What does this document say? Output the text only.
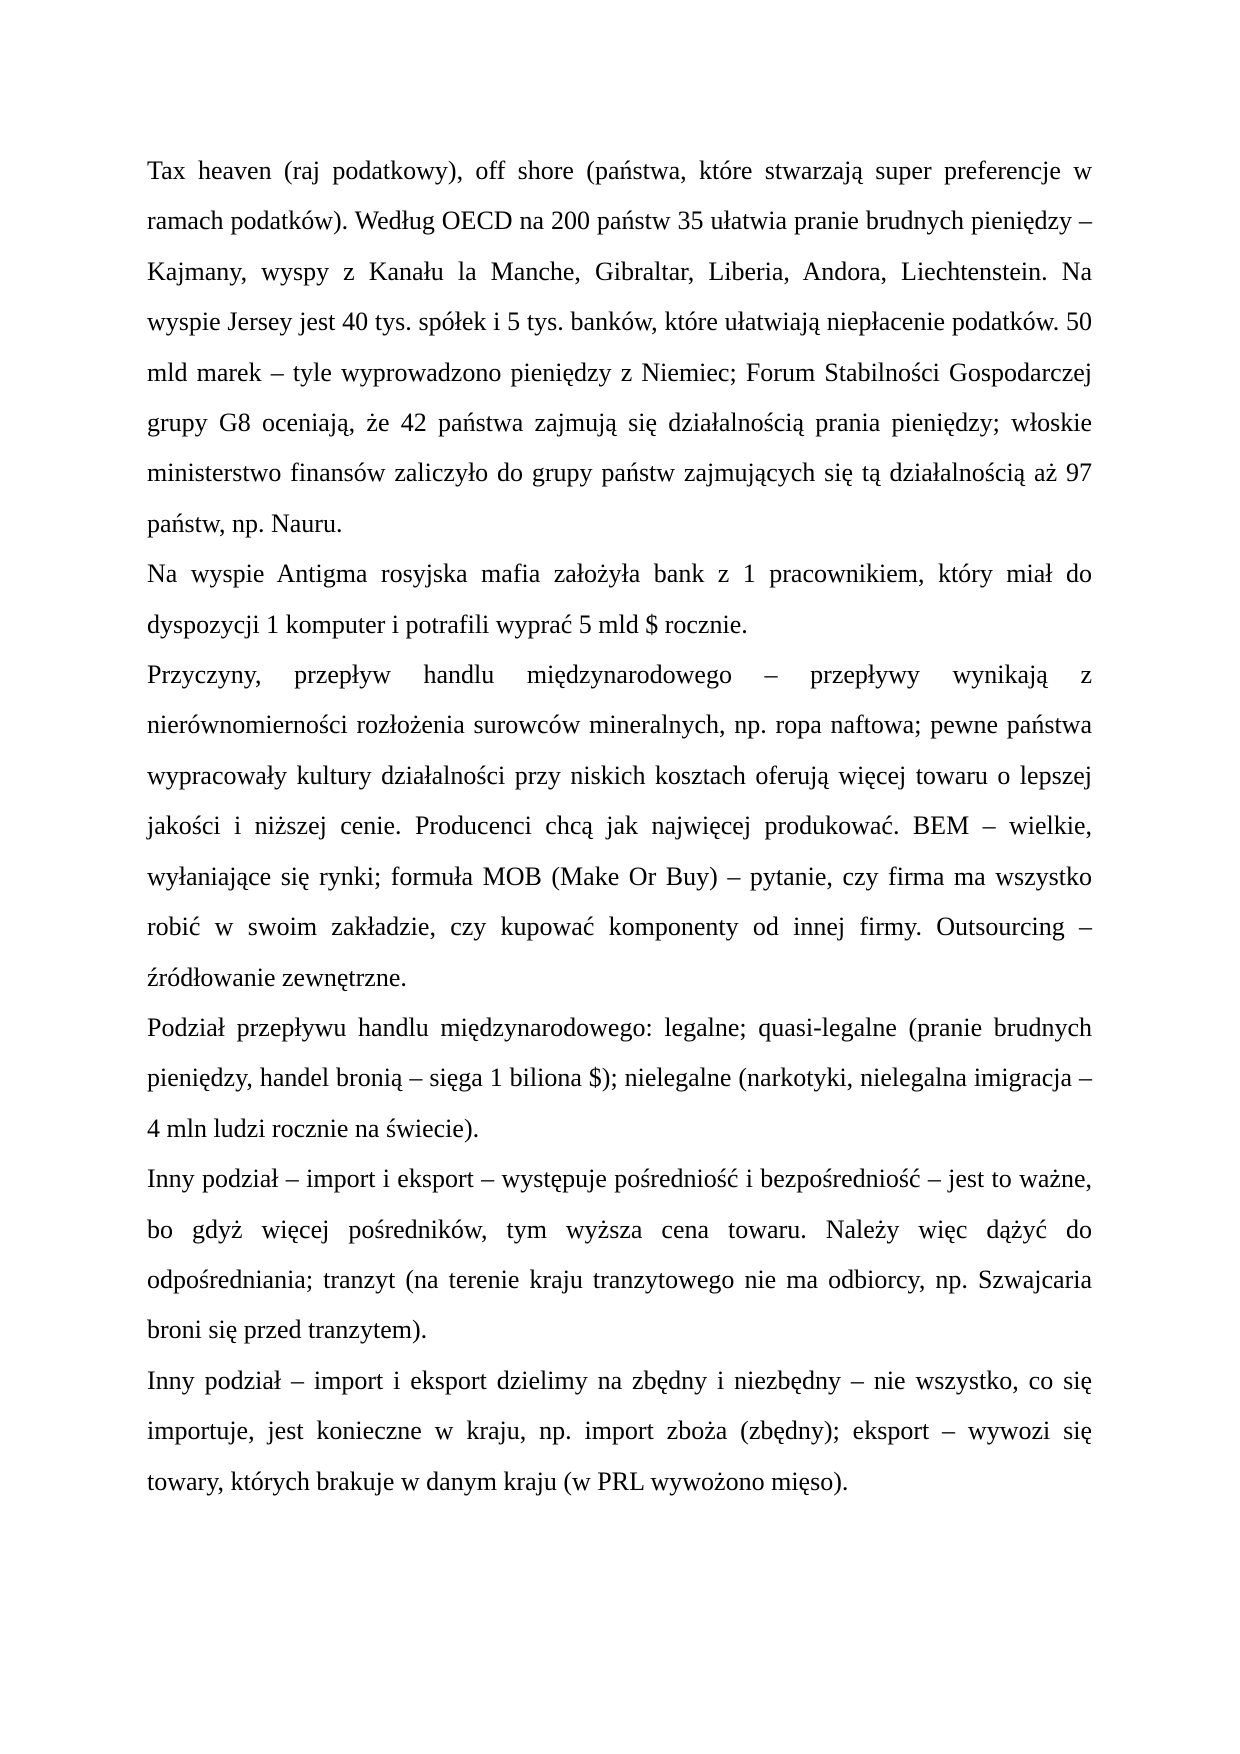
Tax heaven (raj podatkowy), off shore (państwa, które stwarzają super preferencje w ramach podatków). Według OECD na 200 państw 35 ułatwia pranie brudnych pieniędzy – Kajmany, wyspy z Kanału la Manche, Gibraltar, Liberia, Andora, Liechtenstein. Na wyspie Jersey jest 40 tys. spółek i 5 tys. banków, które ułatwiają niepłacenie podatków. 50 mld marek – tyle wyprowadzono pieniędzy z Niemiec; Forum Stabilności Gospodarczej grupy G8 oceniają, że 42 państwa zajmują się działalnością prania pieniędzy; włoskie ministerstwo finansów zaliczyło do grupy państw zajmujących się tą działalnością aż 97 państw, np. Nauru.

Na wyspie Antigma rosyjska mafia założyła bank z 1 pracownikiem, który miał do dyspozycji 1 komputer i potrafili wyprać 5 mld $ rocznie.

Przyczyny, przepływ handlu międzynarodowego – przepływy wynikają z nierównomierności rozłożenia surowców mineralnych, np. ropa naftowa; pewne państwa wypracowały kultury działalności przy niskich kosztach oferują więcej towaru o lepszej jakości i niższej cenie. Producenci chcą jak najwięcej produkować. BEM – wielkie, wyłaniające się rynki; formuła MOB (Make Or Buy) – pytanie, czy firma ma wszystko robić w swoim zakładzie, czy kupować komponenty od innej firmy. Outsourcing – źródłowanie zewnętrzne.

Podział przepływu handlu międzynarodowego: legalne; quasi-legalne (pranie brudnych pieniędzy, handel bronią – sięga 1 biliona $); nielegalne (narkotyki, nielegalna imigracja – 4 mln ludzi rocznie na świecie).

Inny podział – import i eksport – występuje pośredniość i bezpośredniość – jest to ważne, bo gdyż więcej pośredników, tym wyższa cena towaru. Należy więc dążyć do odpośredniania; tranzyt (na terenie kraju tranzytowego nie ma odbiorcy, np. Szwajcaria broni się przed tranzytem).

Inny podział – import i eksport dzielimy na zbędny i niezbędny – nie wszystko, co się importuje, jest konieczne w kraju, np. import zboża (zbędny); eksport – wywozi się towary, których brakuje w danym kraju (w PRL wywożono mięso).
